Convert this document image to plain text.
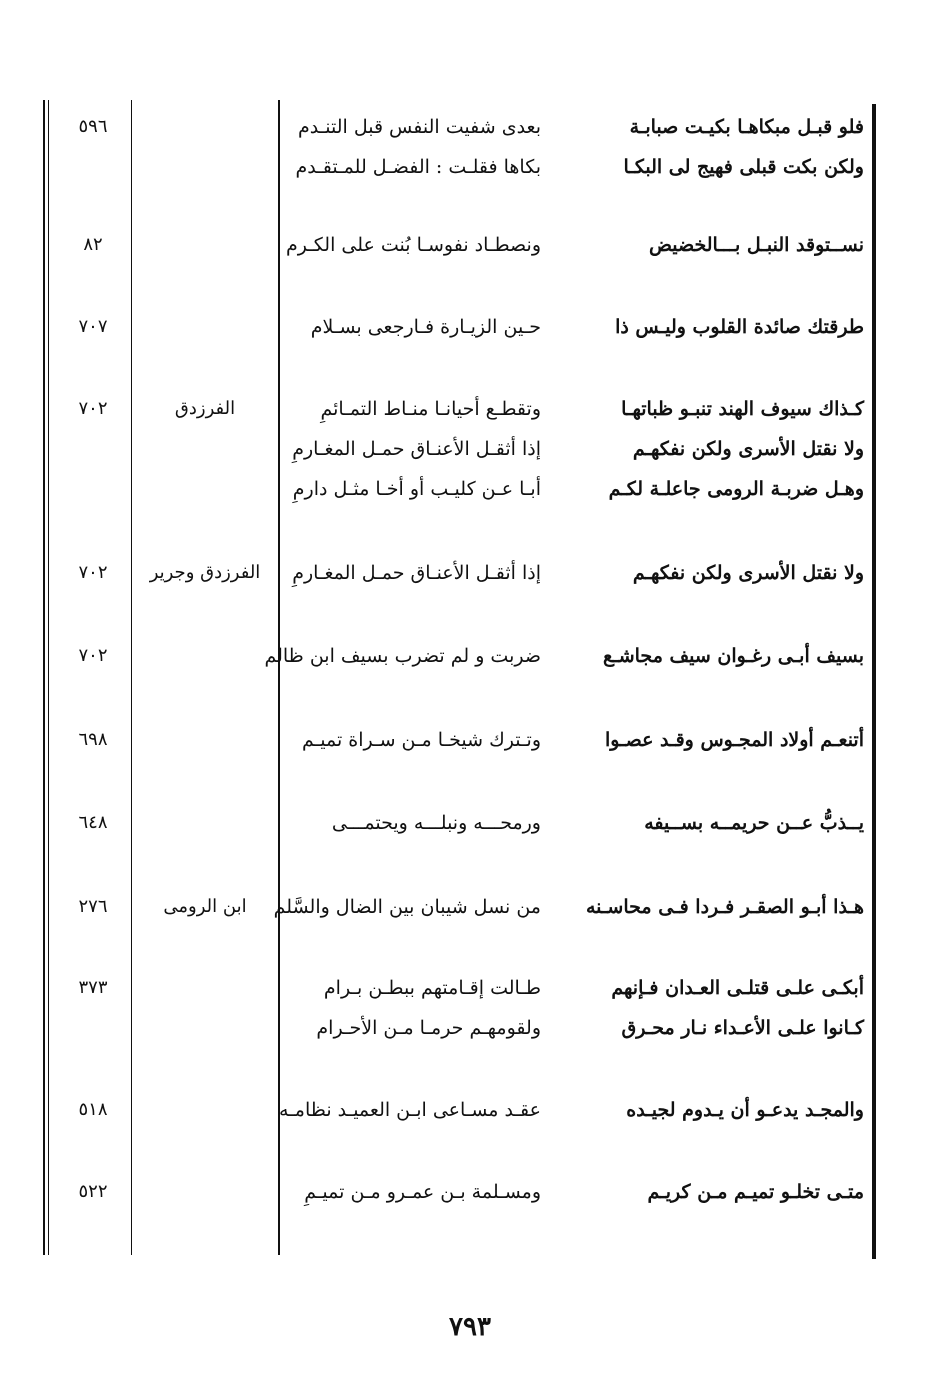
فلو قبـل مبكاهـا بكيـت صبابـة
ولكن بكت قبلى فهيج لى البكـا
بعدى شفيت النفس قبل التنـدم
بكاها فقلـت : الفضـل للمـتقـدم
٥٩٦
نســتوقد النبـل بـــالخضيض
ونصطـاد نفوسـا بُنت على الكـرم
٨٢
طرقتك صائدة القلوب وليـس ذا
حـين الزيـارة فـارجعى بسـلام
٧٠٧
كـذاك سيوف الهند تنبـو ظباتهـا
ولا نقتل الأسرى ولكن نفكهـم
وهـل ضربـة الرومى جاعلـة لكـم
وتقطـع أحيانـا منـاط التمـائمِ
إذا أثقـل الأعنـاق حمـل المغـارمِ
أبـا عـن كليـب أو أخـا مثـل دارمِ
الفرزدق
٧٠٢
ولا نقتل الأسرى ولكن نفكهـم
إذا أثقـل الأعنـاق حمـل المغـارمِ
الفرزدق وجرير
٧٠٢
بسيف أبـى رغـوان سيف مجاشـع
ضربت و لم تضرب بسيف ابن ظالم
٧٠٢
أتنعـم أولاد المجـوس وقـد عصـوا
وتـترك شيخـا مـن سـراة تميـم
٦٩٨
يــذبُّ عــن حريمــه بســيفه
ورمحـــه ونبلـــه ويحتمـــى
٦٤٨
هـذا أبـو الصقـر فـردا فـى محاسـنه
من نسل شيبان بين الضال والسَّلم
ابن الرومى
٢٧٦
أبكـى علـى قتلـى العـدان فـإنهم
كـانوا علـى الأعـداء نـار محـرق
طـالت إقـامتهم ببطـن بـرام
ولقومهـم حرمـا مـن الأحـرام
٣٧٣
والمجـد يدعـو أن يـدوم لجيـده
عقـد مسـاعى ابـن العميـد نظامـه
٥١٨
متـى تخلـو تميـم مـن كريـم
ومسـلمة بـن عمـرو مـن تميـمِ
٥٢٢
٧٩٣
